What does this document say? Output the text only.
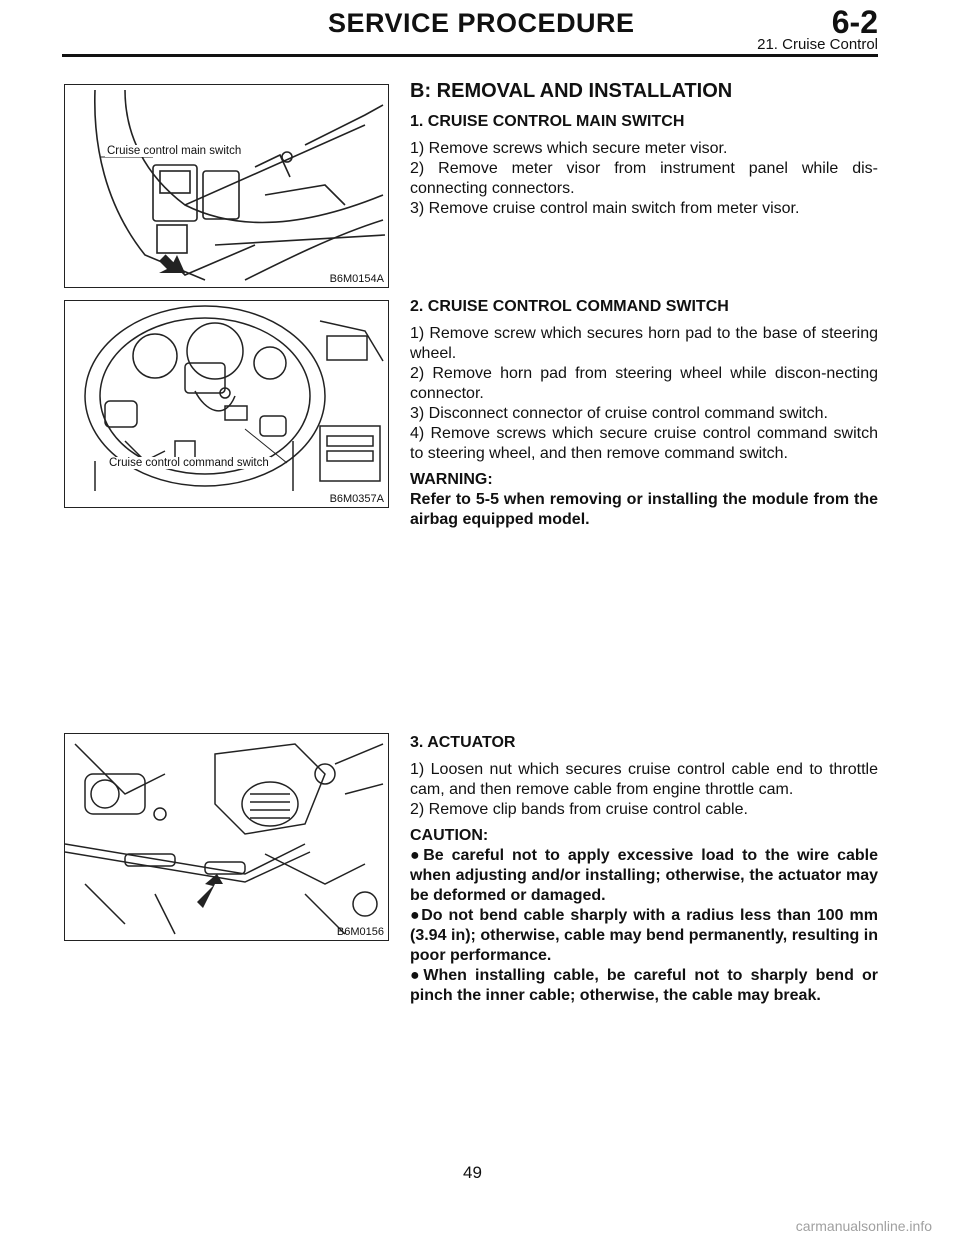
SERVICE PROCEDURE	6-2
21. Cruise Control
Cruise control main switch
B6M0154A
Cruise control command switch
B6M0357A
B6M0156
B: REMOVAL AND INSTALLATION
1. CRUISE CONTROL MAIN SWITCH

1) Remove screws which secure meter visor.

2) Remove meter visor from instrument panel while dis-connecting connectors.

3) Remove cruise control main switch from meter visor.

2. CRUISE CONTROL COMMAND SWITCH

1) Remove screw which secures horn pad to the base of steering wheel.

2) Remove horn pad from steering wheel while discon-necting connector.

3) Disconnect connector of cruise control command switch.

4) Remove screws which secure cruise control command switch to steering wheel, and then remove command switch.

WARNING:

Refer to 5-5 when removing or installing the module from the airbag equipped model.

3. ACTUATOR

1) Loosen nut which secures cruise control cable end to throttle cam, and then remove cable from engine throttle cam.

2) Remove clip bands from cruise control cable.

CAUTION:

●Be careful not to apply excessive load to the wire cable when adjusting and/or installing; otherwise, the actuator may be deformed or damaged.

●Do not bend cable sharply with a radius less than 100 mm (3.94 in); otherwise, cable may bend permanently, resulting in poor performance.

●When installing cable, be careful not to sharply bend or pinch the inner cable; otherwise, the cable may break.

49
carmanualsonline.info
